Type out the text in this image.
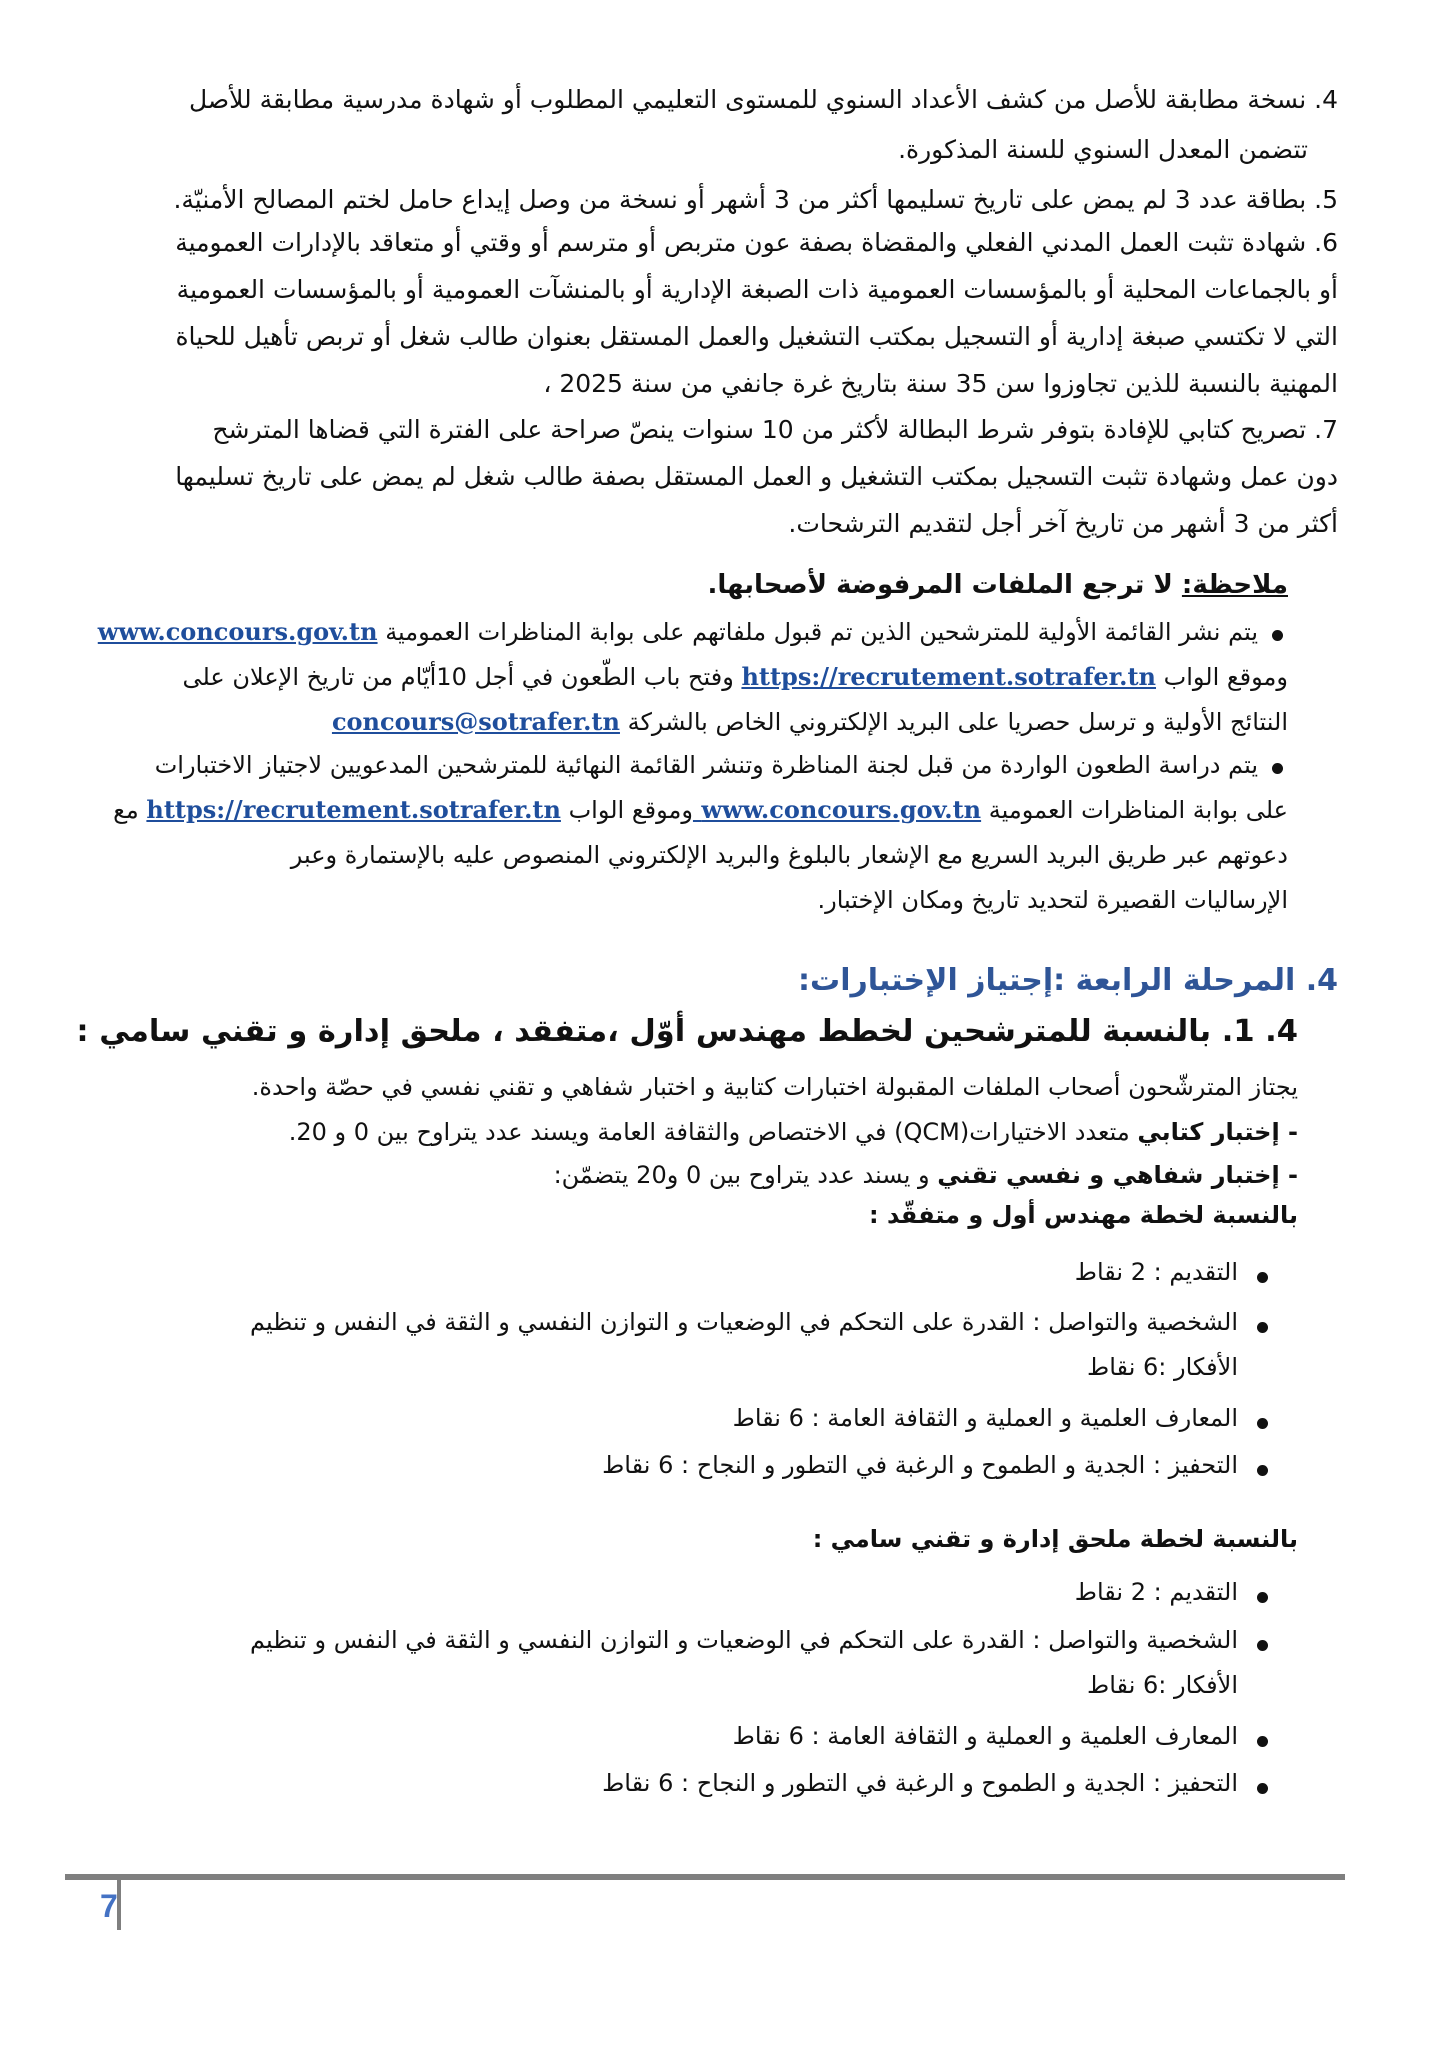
4. نسخة مطابقة للأصل من كشف الأعداد السنوي للمستوى التعليمي المطلوب أو شهادة مدرسية مطابقة للأصل
تتضمن المعدل السنوي للسنة المذكورة.
5. بطاقة عدد 3 لم يمض على تاريخ تسليمها أكثر من 3 أشهر أو نسخة من وصل إيداع حامل لختم المصالح الأمنيّة.
6. شهادة تثبت العمل المدني الفعلي والمقضاة بصفة عون متربص أو مترسم أو وقتي أو متعاقد بالإدارات العمومية
أو بالجماعات المحلية أو بالمؤسسات العمومية ذات الصبغة الإدارية أو بالمنشآت العمومية أو بالمؤسسات العمومية
التي لا تكتسي صبغة إدارية أو التسجيل بمكتب التشغيل والعمل المستقل بعنوان طالب شغل أو تربص تأهيل للحياة
المهنية بالنسبة للذين تجاوزوا سن 35 سنة بتاريخ غرة جانفي من سنة 2025 ،
7. تصريح كتابي للإفادة بتوفر شرط البطالة لأكثر من 10 سنوات ينصّ صراحة على الفترة التي قضاها المترشح
دون عمل وشهادة تثبت التسجيل بمكتب التشغيل و العمل المستقل بصفة طالب شغل لم يمض على تاريخ تسليمها
أكثر من 3 أشهر من تاريخ آخر أجل لتقديم الترشحات.
ملاحظة: لا ترجع الملفات المرفوضة لأصحابها.
يتم نشر القائمة الأولية للمترشحين الذين تم قبول ملفاتهم على بوابة المناظرات العمومية www.concours.gov.tn
وموقع الواب https://recrutement.sotrafer.tn وفتح باب الطّعون في أجل 10أيّام من تاريخ الإعلان على
النتائج الأولية و ترسل حصريا على البريد الإلكتروني الخاص بالشركة concours@sotrafer.tn
يتم دراسة الطعون الواردة من قبل لجنة المناظرة وتنشر القائمة النهائية للمترشحين المدعويين لاجتياز الاختبارات
على بوابة المناظرات العمومية www.concours.gov.tn وموقع الواب https://recrutement.sotrafer.tn مع
دعوتهم عبر طريق البريد السريع مع الإشعار بالبلوغ والبريد الإلكتروني المنصوص عليه بالإستمارة وعبر
الإرساليات القصيرة لتحديد تاريخ ومكان الإختبار.
4. المرحلة الرابعة :إجتياز الإختبارات:
4. 1. بالنسبة للمترشحين لخطط مهندس أوّل ،متفقد ، ملحق إدارة و تقني سامي :
يجتاز المترشّحون أصحاب الملفات المقبولة اختبارات كتابية و اختبار شفاهي و تقني نفسي في حصّة واحدة.
- إختبار كتابي متعدد الاختيارات(QCM) في الاختصاص والثقافة العامة ويسند عدد يتراوح بين 0 و 20.
- إختبار شفاهي و نفسي تقني و يسند عدد يتراوح بين 0 و20 يتضمّن:
بالنسبة لخطة مهندس أول و متفقّد :
التقديم : 2 نقاط
الشخصية والتواصل : القدرة على التحكم في الوضعيات و التوازن النفسي و الثقة في النفس و تنظيم
الأفكار :6 نقاط
المعارف العلمية و العملية و الثقافة العامة : 6 نقاط
التحفيز : الجدية و الطموح و الرغبة في التطور و النجاح : 6 نقاط
بالنسبة لخطة ملحق إدارة و تقني سامي :
التقديم : 2 نقاط
الشخصية والتواصل : القدرة على التحكم في الوضعيات و التوازن النفسي و الثقة في النفس و تنظيم
الأفكار :6 نقاط
المعارف العلمية و العملية و الثقافة العامة : 6 نقاط
التحفيز : الجدية و الطموح و الرغبة في التطور و النجاح : 6 نقاط
7
